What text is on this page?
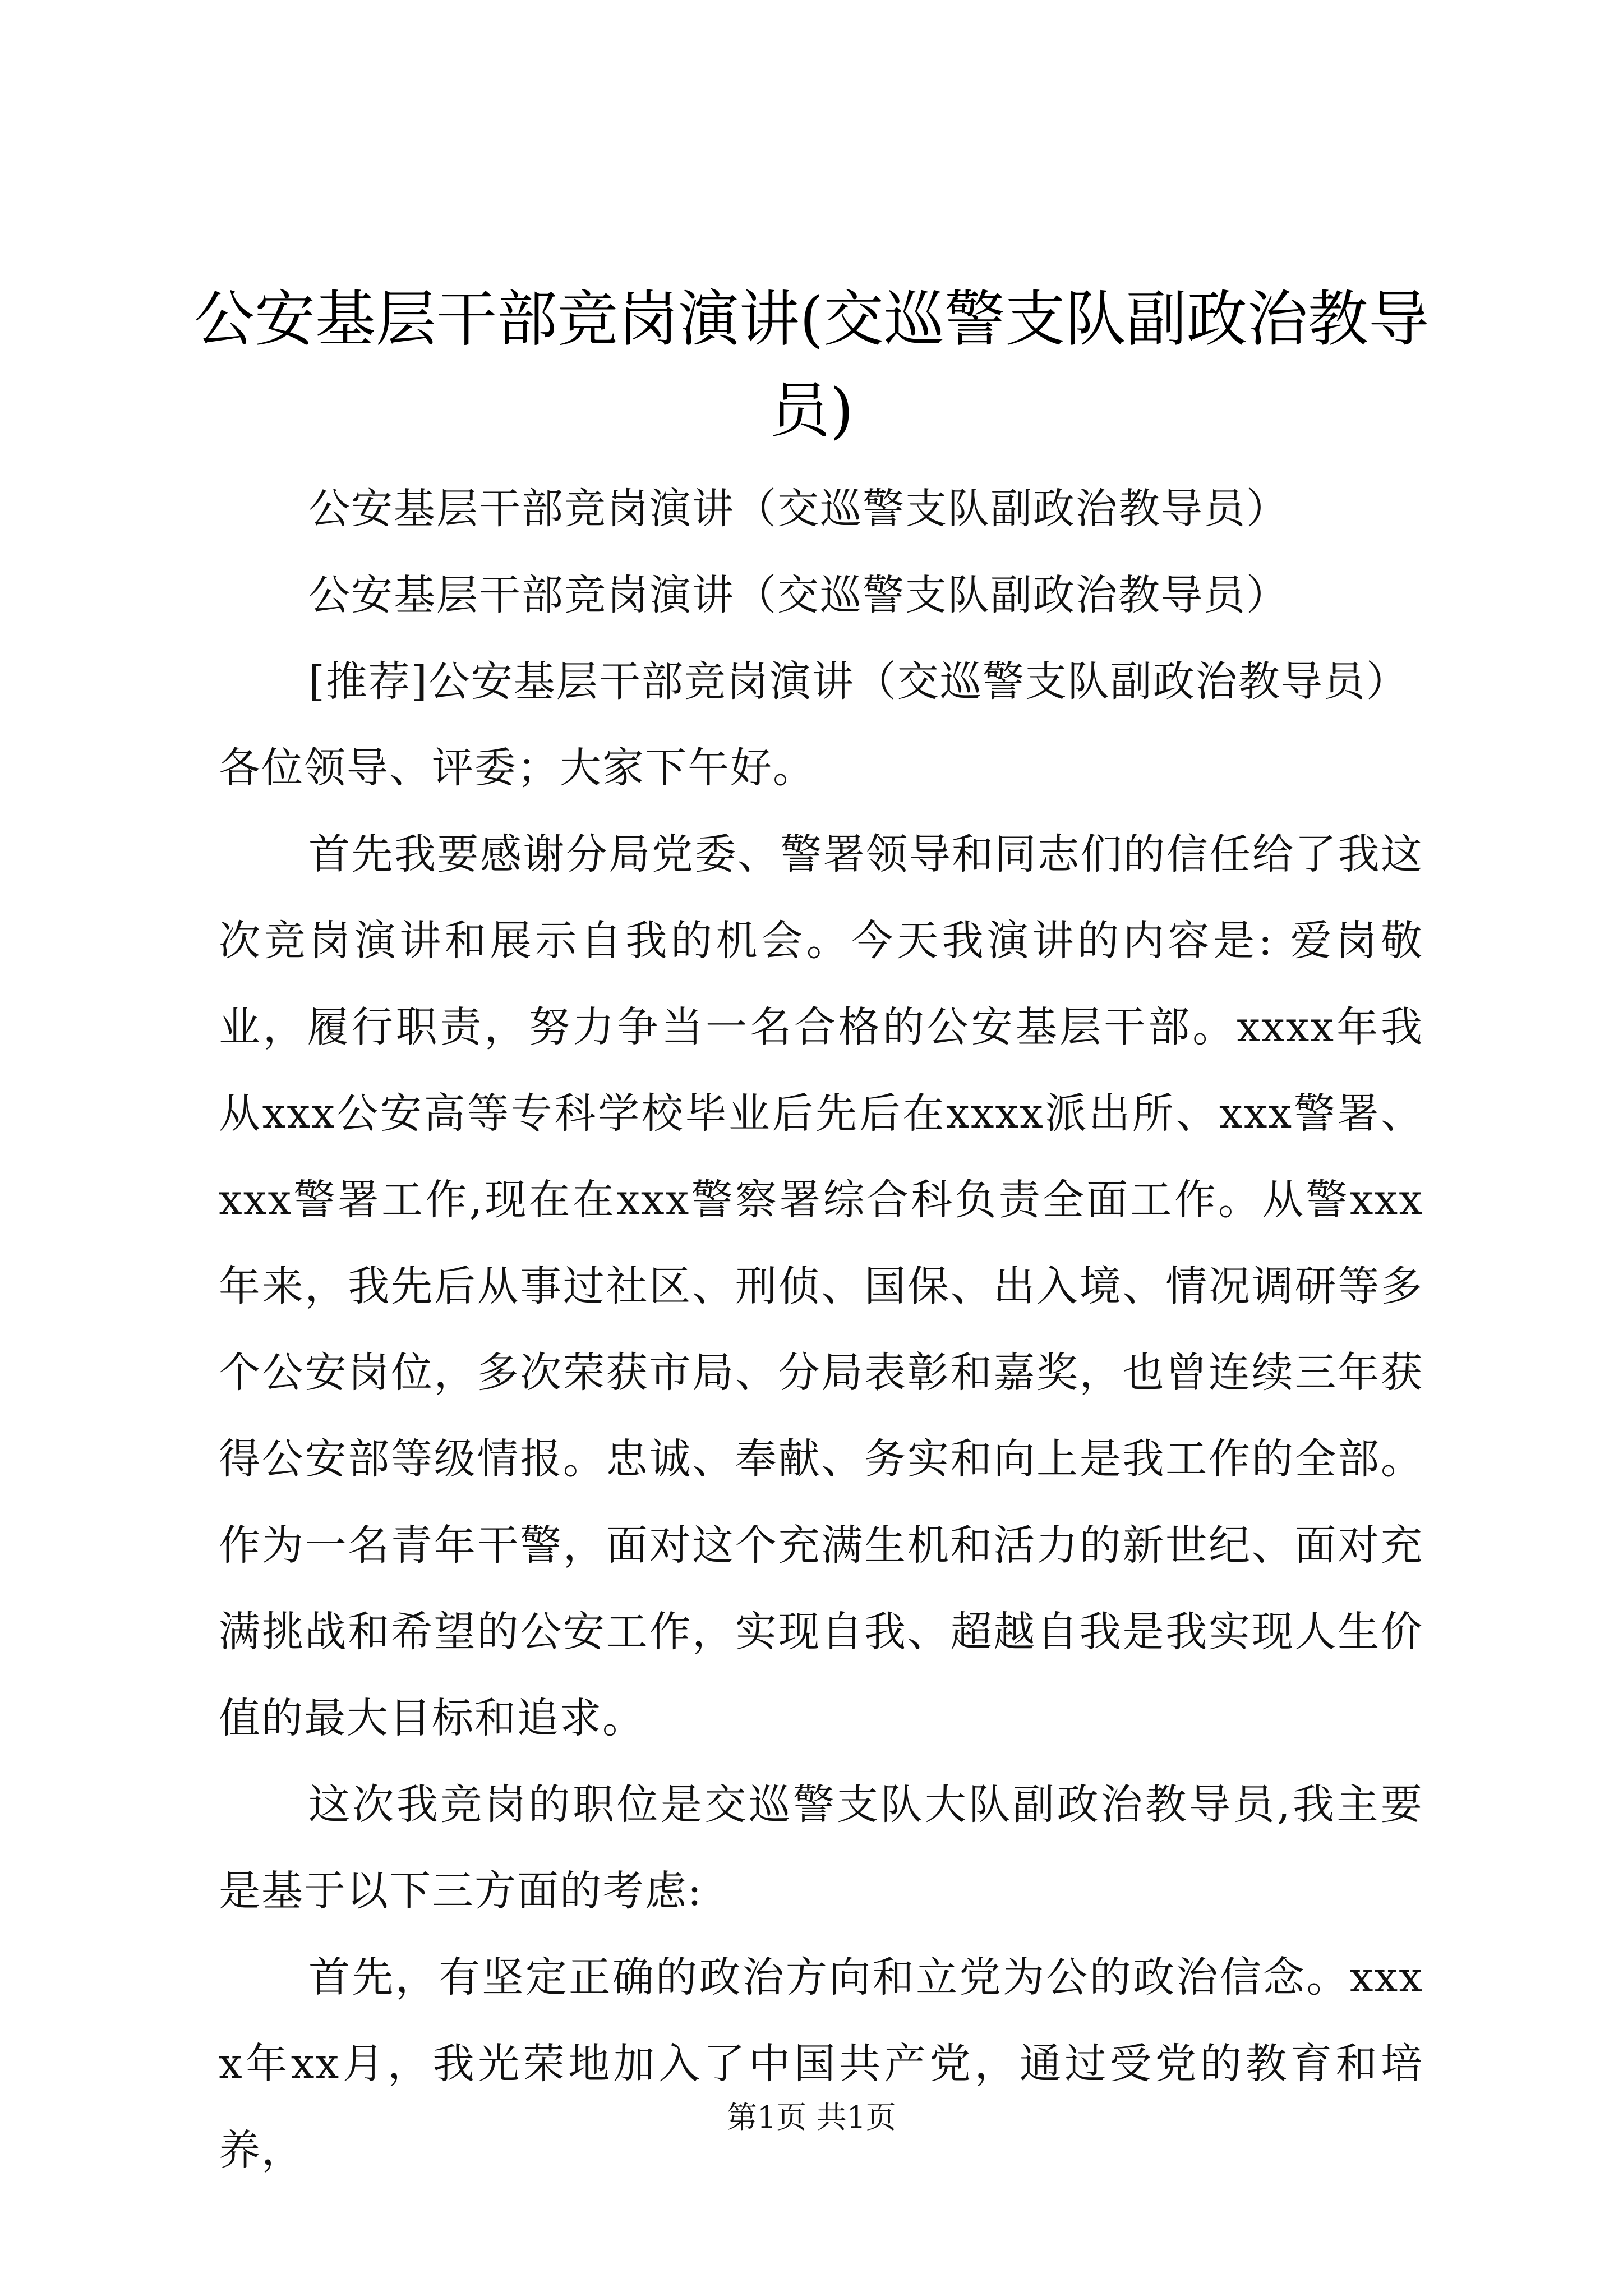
公安基层干部竞岗演讲(交巡警支队副政治教导员)

公安基层干部竞岗演讲（交巡警支队副政治教导员）

公安基层干部竞岗演讲（交巡警支队副政治教导员）

[推荐]公安基层干部竞岗演讲（交巡警支队副政治教导员）

各位领导、评委；大家下午好。

首先我要感谢分局党委、警署领导和同志们的信任给了我这次竞岗演讲和展示自我的机会。今天我演讲的内容是: 爱岗敬业，履行职责，努力争当一名合格的公安基层干部。xxxx年我从xxx公安高等专科学校毕业后先后在xxxx派出所、xxx警署、xxx警署工作,现在在xxx警察署综合科负责全面工作。从警xxx年来，我先后从事过社区、刑侦、国保、出入境、情况调研等多个公安岗位，多次荣获市局、分局表彰和嘉奖，也曾连续三年获得公安部等级情报。忠诚、奉献、务实和向上是我工作的全部。作为一名青年干警，面对这个充满生机和活力的新世纪、面对充满挑战和希望的公安工作，实现自我、超越自我是我实现人生价值的最大目标和追求。

这次我竞岗的职位是交巡警支队大队副政治教导员,我主要是基于以下三方面的考虑:

首先，有坚定正确的政治方向和立党为公的政治信念。xxxx年xx月，我光荣地加入了中国共产党，通过受党的教育和培养，

第1页 共1页
